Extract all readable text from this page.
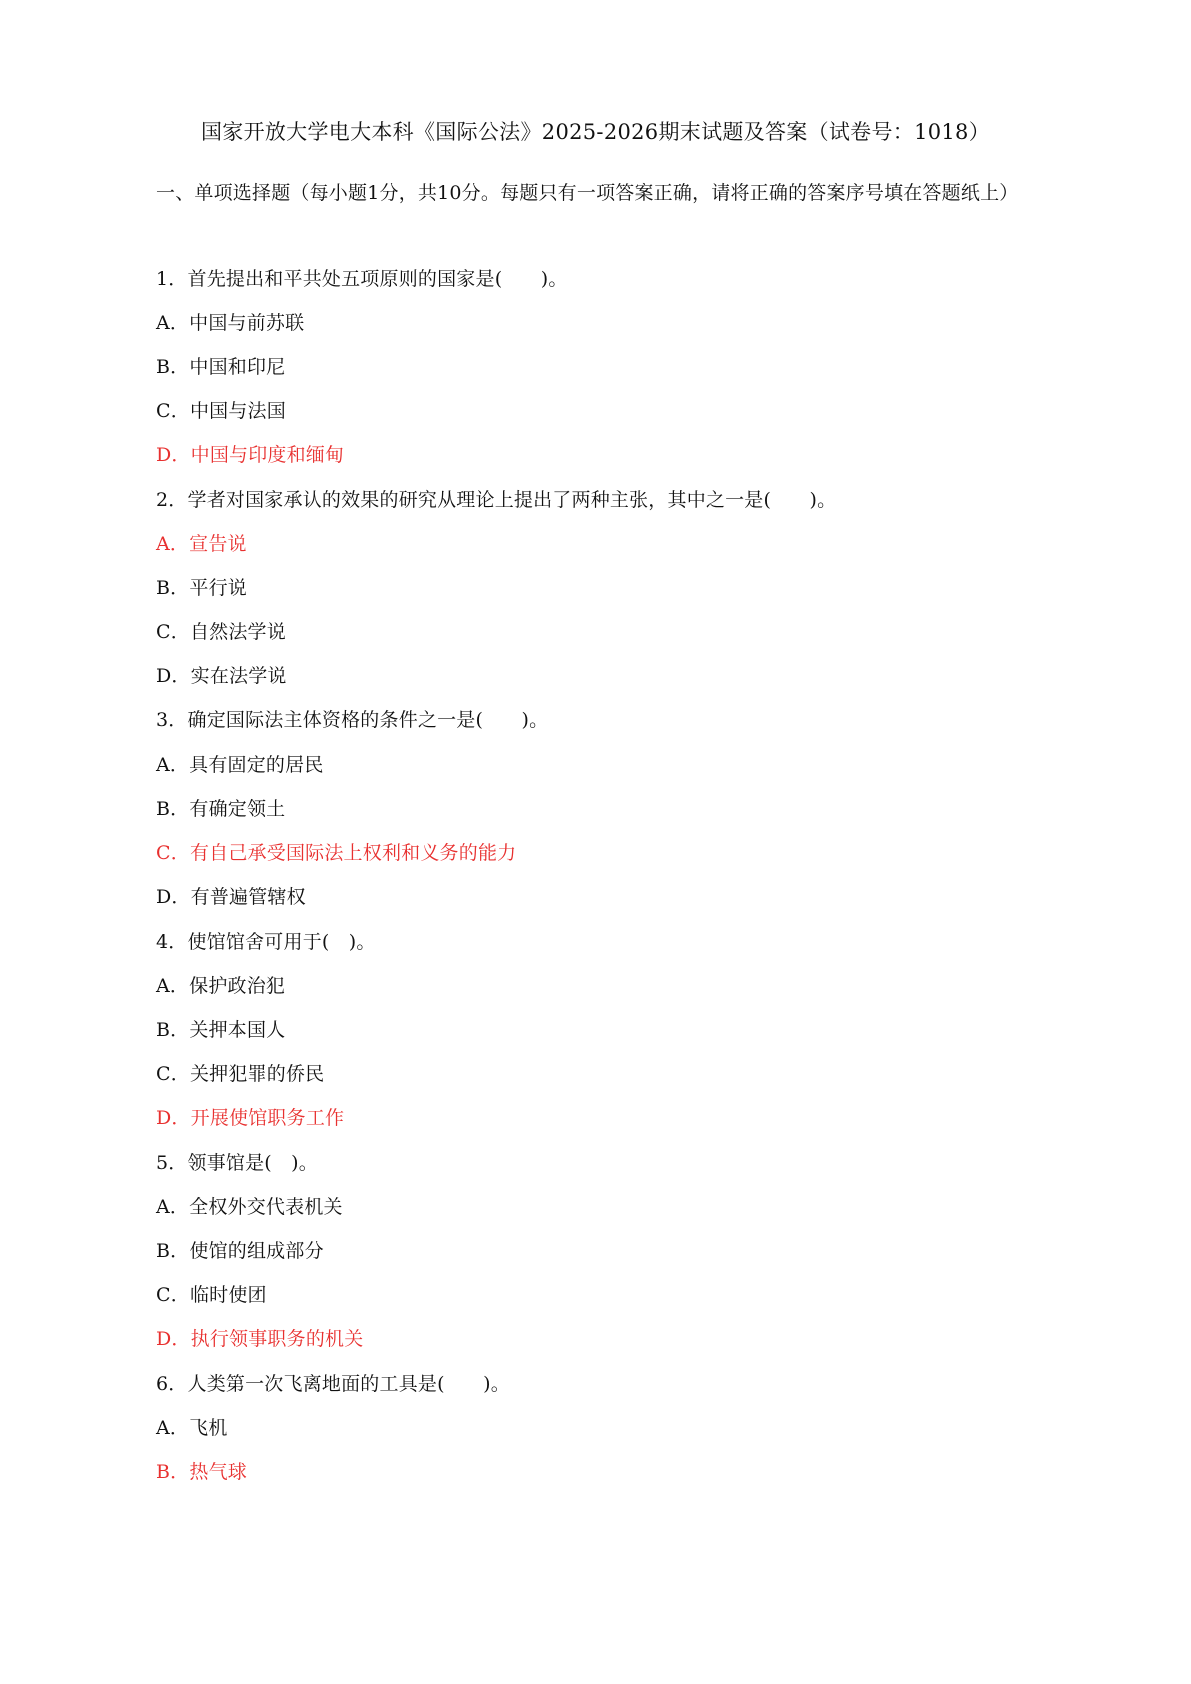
国家开放大学电大本科《国际公法》2025-2026期末试题及答案（试卷号：1018）
一、单项选择题（每小题1分，共10分。每题只有一项答案正确，请将正确的答案序号填在答题纸上）
1．首先提出和平共处五项原则的国家是(　　)。
A．中国与前苏联
B．中国和印尼
C．中国与法国
D．中国与印度和缅甸
2．学者对国家承认的效果的研究从理论上提出了两种主张，其中之一是(　　)。
A．宣告说
B．平行说
C．自然法学说
D．实在法学说
3．确定国际法主体资格的条件之一是(　　)。
A．具有固定的居民
B．有确定领土
C．有自己承受国际法上权利和义务的能力
D．有普遍管辖权
4．使馆馆舍可用于(　)。
A．保护政治犯
B．关押本国人
C．关押犯罪的侨民
D．开展使馆职务工作
5．领事馆是(　)。
A．全权外交代表机关
B．使馆的组成部分
C．临时使团
D．执行领事职务的机关
6．人类第一次飞离地面的工具是(　　)。
A．飞机
B．热气球
